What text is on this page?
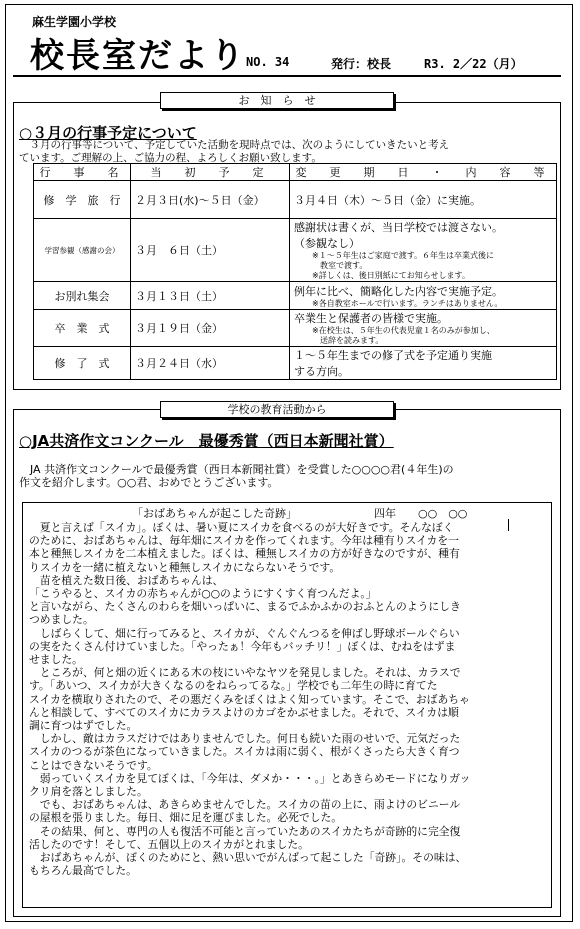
麻生学園小学校
校長室だより NO. 34	発行：校長	R3. 2／22（月）
お　知　ら　せ
○３月の行事予定について
　３月の行事等について、予定していた活動を現時点では、次のようにしていきたいと考え
ています。ご理解の上、ご協力の程、よろしくお願い致します。
行　事　名	当　初　予　定	変　更　期　日　・　内　容　等
修　学　旅　行	２月３日(水)～５日（金）	３月４日（木）～５日（金）に実施。

学習参観（感謝の会）	３月　６日（土）	感謝状は書くが、当日学校では渡さない。
（参観なし）
※１～５年生はご家庭で渡す。６年生は卒業式後に
教室で渡す。
※詳しくは、後日別紙にてお知らせします。

お別れ集会	３月１３日（土）	例年に比べ、簡略化した内容で実施予定。
※各自教室ホールで行います。ランチはありません。

卒　業　式	３月１９日（金）	卒業生と保護者の皆様で実施。
※在校生は、５年生の代表児童１名のみが参加し、
送辞を読みます。

修　了　式	３月２４日（水）	１～５年生までの修了式を予定通り実施
する方向。
学校の教育活動から
○JA共済作文コンクール　最優秀賞（西日本新聞社賞）
　JA 共済作文コンクールで最優秀賞（西日本新聞社賞）を受賞した○○○○君(４年生)の
作文を紹介します。○○君、おめでとうございます。
「おばあちゃんが起こした奇跡」	四年　　○○　○○

　夏と言えば「スイカ」。ぼくは、暑い夏にスイカを食べるのが大好きです。そんなぼく

のために、おばあちゃんは、毎年畑にスイカを作ってくれます。今年は種有りスイカを一

本と種無しスイカを二本植えました。ぼくは、種無しスイカの方が好きなのですが、種有

りスイカを一緒に植えないと種無しスイカにならないそうです。

　苗を植えた数日後、おばあちゃんは、

「こうやると、スイカの赤ちゃんが○○のようにすくすく育つんだよ。」

と言いながら、たくさんのわらを畑いっぱいに、まるでふかふかのおふとんのようにしき

つめました。

　しばらくして、畑に行ってみると、スイカが、ぐんぐんつるを伸ばし野球ボールぐらい

の実をたくさん付けていました。「やったぁ！今年もバッチリ！」ぼくは、むねをはずま

せました。

　ところが、何と畑の近くにある木の枝にいやなヤツを発見しました。それは、カラスで

す。「あいつ、スイカが大きくなるのをねらってるな。」学校でも二年生の時に育てた

スイカを横取りされたので、その悪だくみをぼくはよく知っています。そこで、おばあちゃ

んと相談して、すべてのスイカにカラスよけのカゴをかぶせました。それで、スイカは順

調に育つはずでした。

　しかし、敵はカラスだけではありませんでした。何日も続いた雨のせいで、元気だった

スイカのつるが茶色になっていきました。スイカは雨に弱く、根がくさったら大きく育つ

ことはできないそうです。

　弱っていくスイカを見てぼくは、「今年は、ダメか・・・。」とあきらめモードになりガッ

クリ肩を落としました。

　でも、おばあちゃんは、あきらめませんでした。スイカの苗の上に、雨よけのビニール

の屋根を張りました。毎日、畑に足を運びました。必死でした。

　その結果、何と、専門の人も復活不可能と言っていたあのスイカたちが奇跡的に完全復

活したのです！そして、五個以上のスイカがとれました。

　おばあちゃんが、ぼくのためにと、熱い思いでがんばって起こした「奇跡」。その味は、

もちろん最高でした。
